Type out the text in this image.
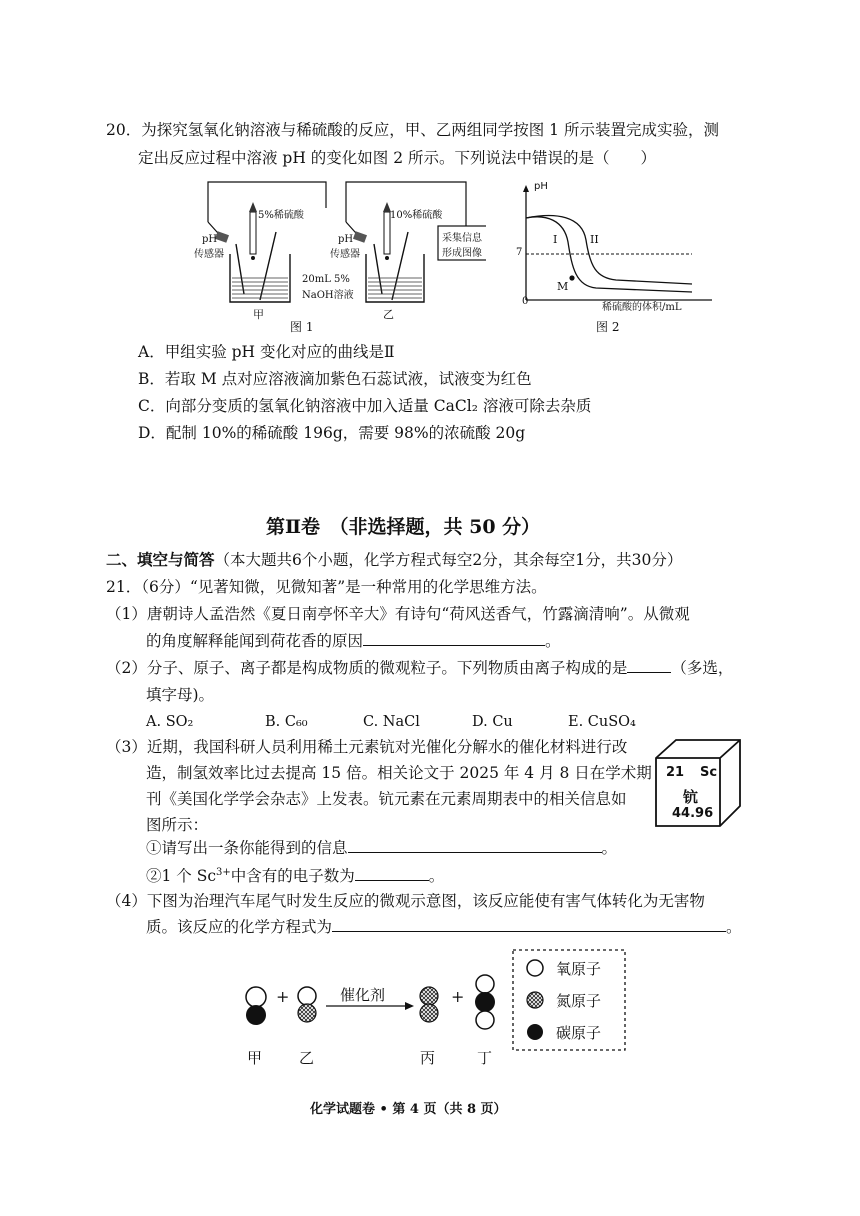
20．为探究氢氧化钠溶液与稀硫酸的反应，甲、乙两组同学按图 1 所示装置完成实验，测
定出反应过程中溶液 pH 的变化如图 2 所示。下列说法中错误的是（　　）
5%稀硫酸	10%稀硫酸
pH
传感器
pH
传感器
20mL 5%
NaOH溶液
采集信息
形成图像
甲	乙
图 1
pH
7
0
I	II
M
稀硫酸的体积/mL
图 2
A．甲组实验 pH 变化对应的曲线是Ⅱ
B．若取 M 点对应溶液滴加紫色石蕊试液，试液变为红色
C．向部分变质的氢氧化钠溶液中加入适量 CaCl₂ 溶液可除去杂质
D．配制 10%的稀硫酸 196g，需要 98%的浓硫酸 20g
第Ⅱ卷　（非选择题，共 50 分）
二、填空与简答（本大题共6个小题，化学方程式每空2分，其余每空1分，共30分）
21．（6分）“见著知微，见微知著”是一种常用的化学思维方法。
（1）唐朝诗人孟浩然《夏日南亭怀辛大》有诗句“荷风送香气，竹露滴清响”。从微观
的角度解释能闻到荷花香的原因	。
（2）分子、原子、离子都是构成物质的微观粒子。下列物质由离子构成的是	（多选，
填字母)。
A. SO₂	B. C₆₀	C. NaCl	D. Cu	E. CuSO₄
（3）近期，我国科研人员利用稀土元素钪对光催化分解水的催化材料进行改
造，制氢效率比过去提高 15 倍。相关论文于 2025 年 4 月 8 日在学术期
刊《美国化学学会杂志》上发表。钪元素在元素周期表中的相关信息如
图所示：
①请写出一条你能得到的信息	。
②1 个 $Sc^{3+}$中含有的电子数为	。
21 Sc
钪
44.96
（4）下图为治理汽车尾气时发生反应的微观示意图，该反应能使有害气体转化为无害物
质。该反应的化学方程式为	。
+	+
催化剂
甲 乙	丙	丁
氧原子
氮原子
碳原子
化学试题卷 • 第 4 页（共 8 页）
